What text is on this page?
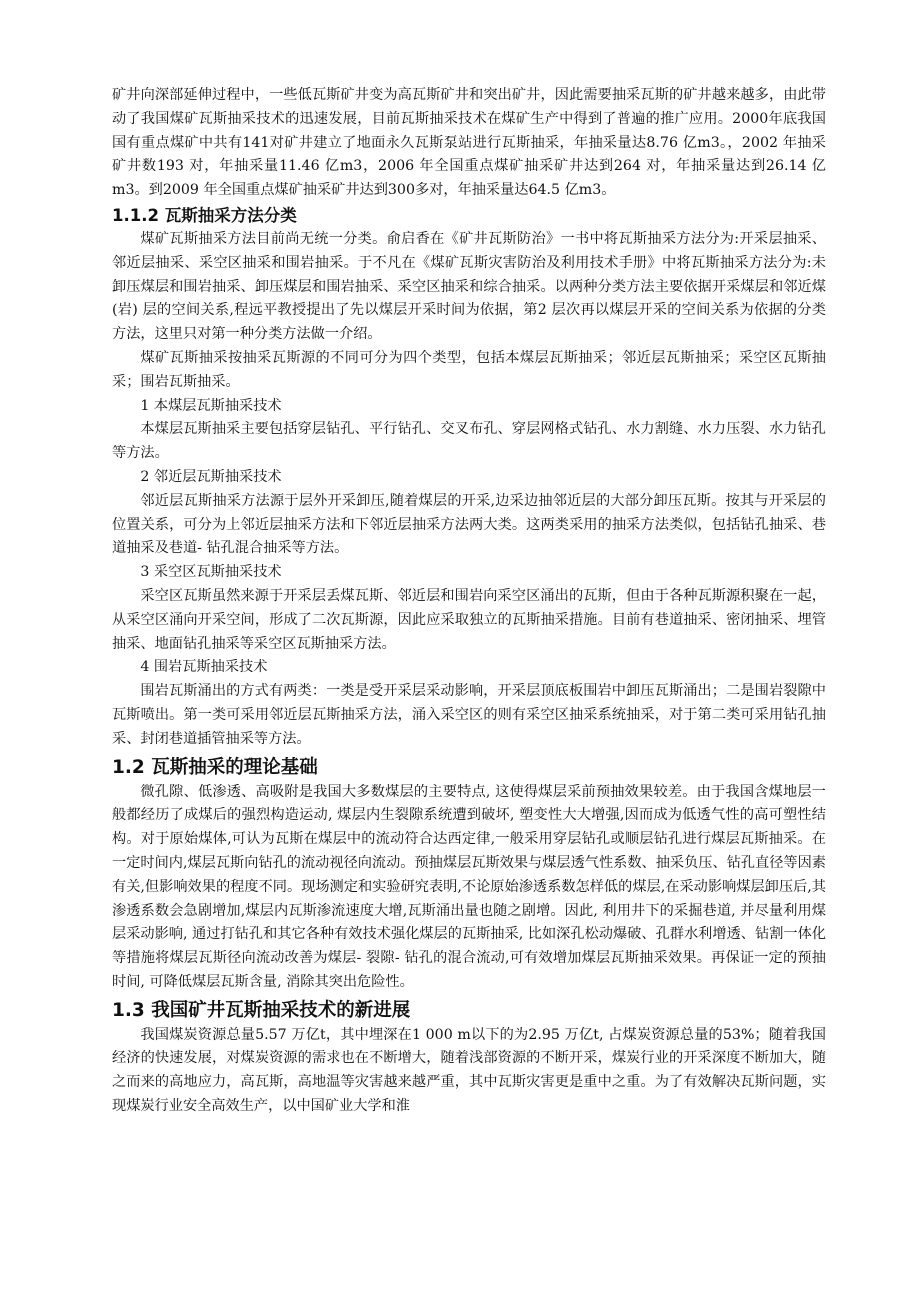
矿井向深部延伸过程中，一些低瓦斯矿井变为高瓦斯矿井和突出矿井，因此需要抽采瓦斯的矿井越来越多，由此带动了我国煤矿瓦斯抽采技术的迅速发展，目前瓦斯抽采技术在煤矿生产中得到了普遍的推广应用。2000年底我国国有重点煤矿中共有141对矿井建立了地面永久瓦斯泵站进行瓦斯抽采，年抽采量达8.76 亿m3。，2002 年抽采矿井数193 对，年抽采量11.46 亿m3，2006 年全国重点煤矿抽采矿井达到264 对，年抽采量达到26.14 亿m3。到2009 年全国重点煤矿抽采矿井达到300多对，年抽采量达64.5 亿m3。

1.1.2 瓦斯抽采方法分类

煤矿瓦斯抽采方法目前尚无统一分类。俞启香在《矿井瓦斯防治》一书中将瓦斯抽采方法分为:开采层抽采、邻近层抽采、采空区抽采和围岩抽采。于不凡在《煤矿瓦斯灾害防治及利用技术手册》中将瓦斯抽采方法分为:未卸压煤层和围岩抽采、卸压煤层和围岩抽采、采空区抽采和综合抽采。以两种分类方法主要依据开采煤层和邻近煤(岩) 层的空间关系,程远平教授提出了先以煤层开采时间为依据，第2 层次再以煤层开采的空间关系为依据的分类方法，这里只对第一种分类方法做一介绍。

煤矿瓦斯抽采按抽采瓦斯源的不同可分为四个类型，包括本煤层瓦斯抽采；邻近层瓦斯抽采；采空区瓦斯抽采；围岩瓦斯抽采。

1 本煤层瓦斯抽采技术

本煤层瓦斯抽采主要包括穿层钻孔、平行钻孔、交叉布孔、穿层网格式钻孔、水力割缝、水力压裂、水力钻孔等方法。

2 邻近层瓦斯抽采技术

邻近层瓦斯抽采方法源于层外开采卸压,随着煤层的开采,边采边抽邻近层的大部分卸压瓦斯。按其与开采层的位置关系，可分为上邻近层抽采方法和下邻近层抽采方法两大类。这两类采用的抽采方法类似，包括钻孔抽采、巷道抽采及巷道- 钻孔混合抽采等方法。

3 采空区瓦斯抽采技术

采空区瓦斯虽然来源于开采层丢煤瓦斯、邻近层和围岩向采空区涌出的瓦斯，但由于各种瓦斯源积聚在一起，从采空区涌向开采空间，形成了二次瓦斯源，因此应采取独立的瓦斯抽采措施。目前有巷道抽采、密闭抽采、埋管抽采、地面钻孔抽采等采空区瓦斯抽采方法。

4 围岩瓦斯抽采技术

围岩瓦斯涌出的方式有两类：一类是受开采层采动影响，开采层顶底板围岩中卸压瓦斯涌出；二是围岩裂隙中瓦斯喷出。第一类可采用邻近层瓦斯抽采方法，涌入采空区的则有采空区抽采系统抽采，对于第二类可采用钻孔抽采、封闭巷道插管抽采等方法。

1.2 瓦斯抽采的理论基础

微孔隙、低渗透、高吸附是我国大多数煤层的主要特点, 这使得煤层采前预抽效果较差。由于我国含煤地层一般都经历了成煤后的强烈构造运动, 煤层内生裂隙系统遭到破坏, 塑变性大大增强,因而成为低透气性的高可塑性结构。对于原始煤体,可认为瓦斯在煤层中的流动符合达西定律,一般采用穿层钻孔或顺层钻孔进行煤层瓦斯抽采。在一定时间内,煤层瓦斯向钻孔的流动视径向流动。预抽煤层瓦斯效果与煤层透气性系数、抽采负压、钻孔直径等因素有关,但影响效果的程度不同。现场测定和实验研究表明,不论原始渗透系数怎样低的煤层,在采动影响煤层卸压后,其渗透系数会急剧增加,煤层内瓦斯渗流速度大增,瓦斯涌出量也随之剧增。因此, 利用井下的采掘巷道, 并尽量利用煤层采动影响, 通过打钻孔和其它各种有效技术强化煤层的瓦斯抽采, 比如深孔松动爆破、孔群水利增透、钻割一体化等措施将煤层瓦斯径向流动改善为煤层- 裂隙- 钻孔的混合流动,可有效增加煤层瓦斯抽采效果。再保证一定的预抽时间, 可降低煤层瓦斯含量, 消除其突出危险性。

1.3 我国矿井瓦斯抽采技术的新进展

我国煤炭资源总量5.57 万亿t，其中埋深在1 000 m以下的为2.95 万亿t, 占煤炭资源总量的53%；随着我国经济的快速发展，对煤炭资源的需求也在不断增大，随着浅部资源的不断开采，煤炭行业的开采深度不断加大，随之而来的高地应力，高瓦斯，高地温等灾害越来越严重，其中瓦斯灾害更是重中之重。为了有效解决瓦斯问题，实现煤炭行业安全高效生产，以中国矿业大学和淮
